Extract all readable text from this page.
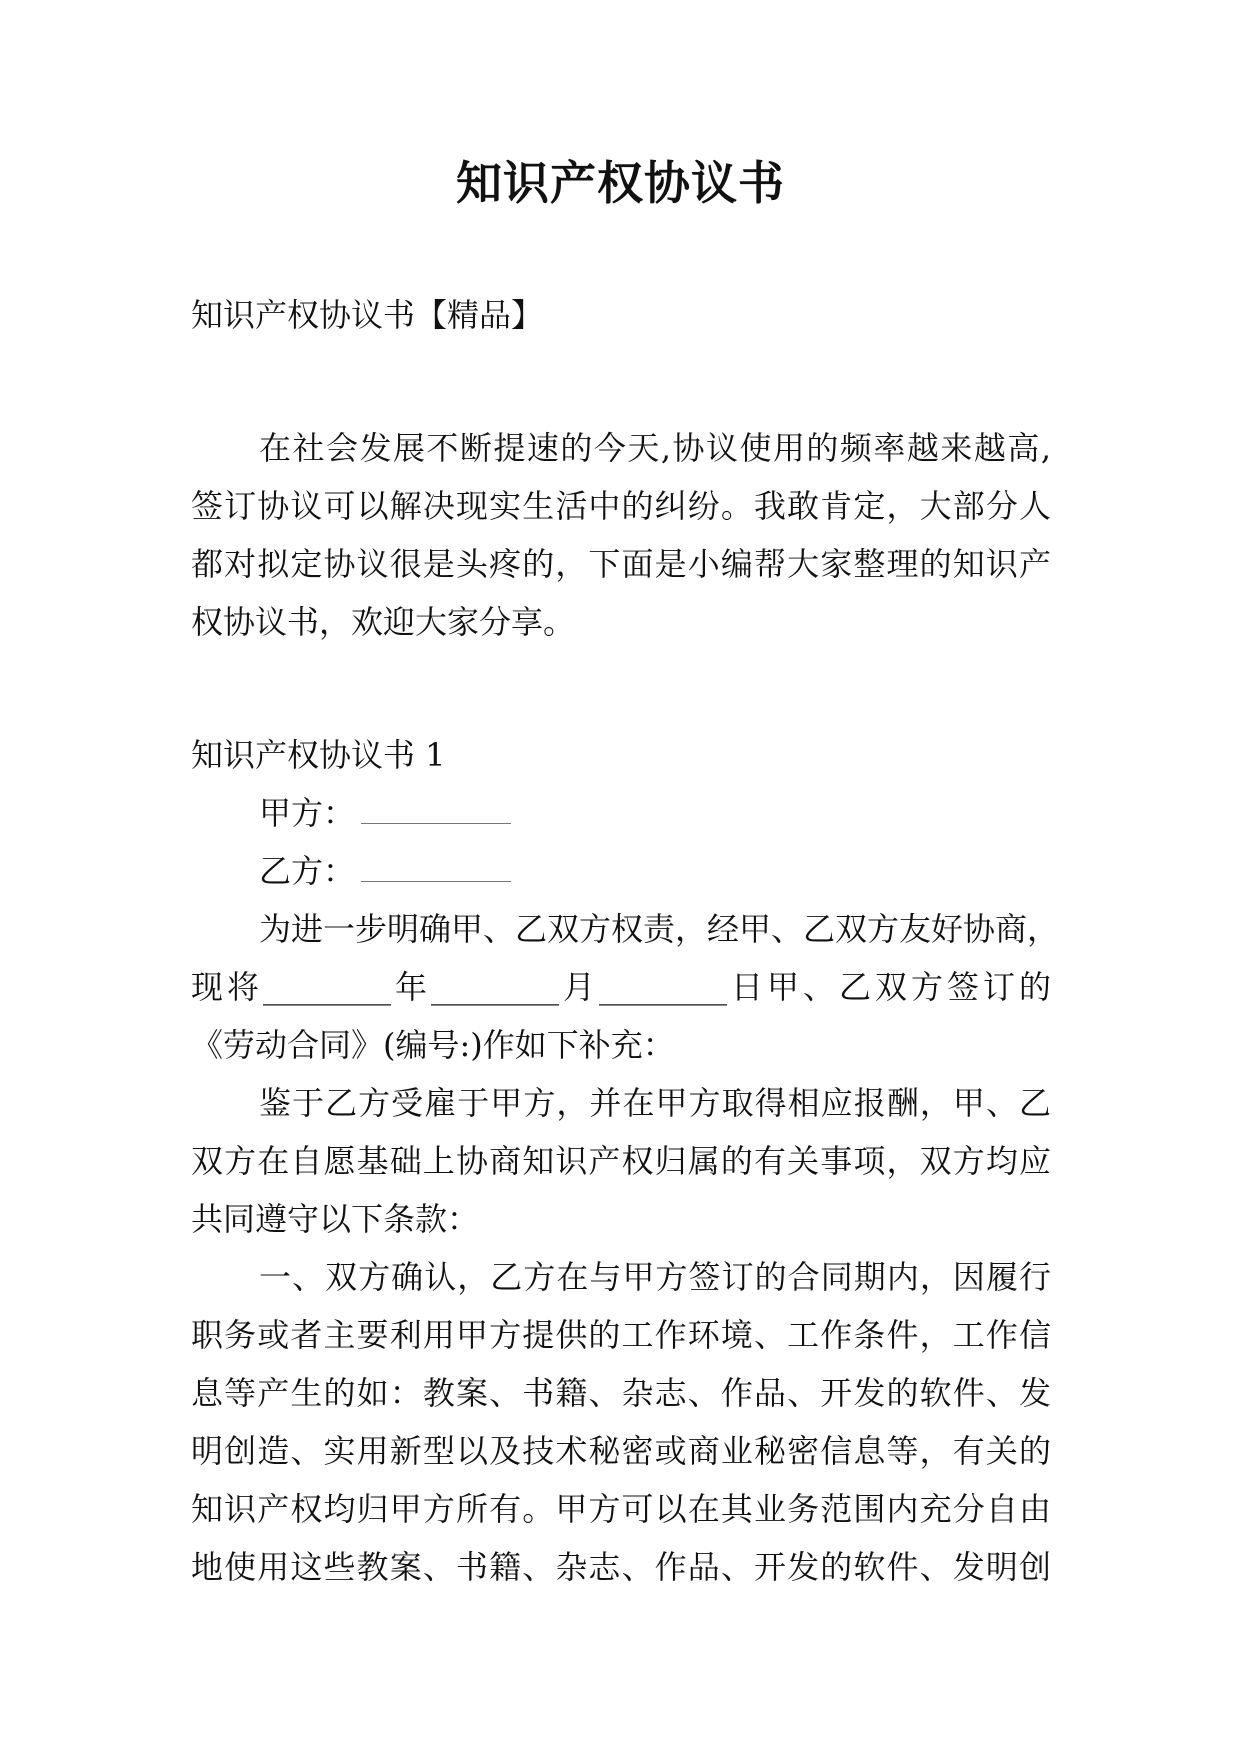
知识产权协议书
知识产权协议书【精品】
在社会发展不断提速的今天,协议使用的频率越来越高,
签订协议可以解决现实生活中的纠纷。我敢肯定，大部分人
都对拟定协议很是头疼的，下面是小编帮大家整理的知识产
权协议书，欢迎大家分享。
知识产权协议书 1
甲方：
乙方：
为进一步明确甲、乙双方权责，经甲、乙双方友好协商，
现将________年________月________日甲、乙双方签订的
《劳动合同》(编号:)作如下补充：
鉴于乙方受雇于甲方，并在甲方取得相应报酬，甲、乙
双方在自愿基础上协商知识产权归属的有关事项，双方均应
共同遵守以下条款：
一、双方确认，乙方在与甲方签订的合同期内，因履行
职务或者主要利用甲方提供的工作环境、工作条件，工作信
息等产生的如：教案、书籍、杂志、作品、开发的软件、发
明创造、实用新型以及技术秘密或商业秘密信息等，有关的
知识产权均归甲方所有。甲方可以在其业务范围内充分自由
地使用这些教案、书籍、杂志、作品、开发的软件、发明创
